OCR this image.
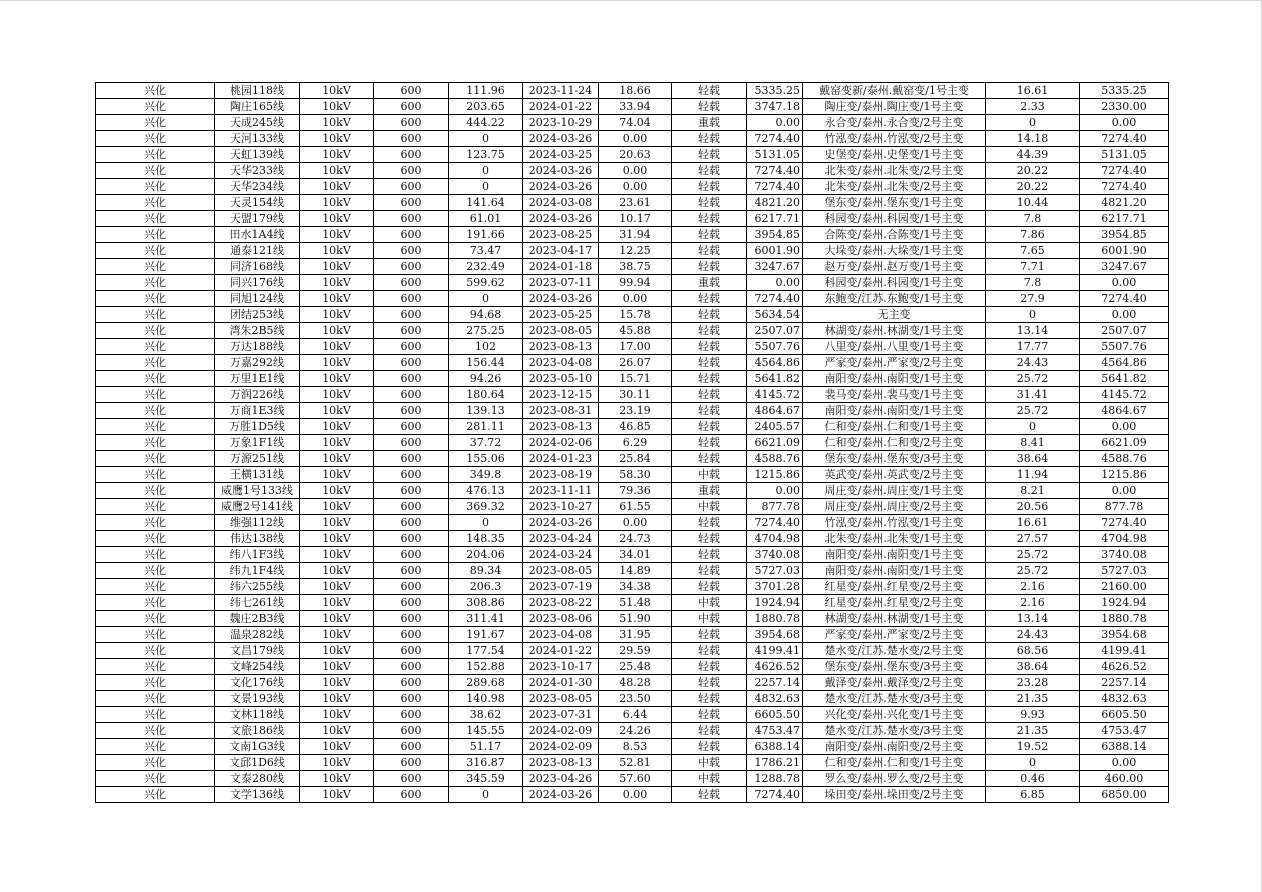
兴化	桃园118线	10kV	600	111.96	2023-11-24	18.66	轻载	5335.25	戴窑变新/泰州.戴窑变/1号主变	16.61	5335.25
兴化	陶庄165线	10kV	600	203.65	2024-01-22	33.94	轻载	3747.18	陶庄变/泰州.陶庄变/1号主变	2.33	2330.00
兴化	天成245线	10kV	600	444.22	2023-10-29	74.04	重载	0.00	永合变/泰州.永合变/2号主变	0	0.00
兴化	天河133线	10kV	600	0	2024-03-26	0.00	轻载	7274.40	竹泓变/泰州.竹泓变/2号主变	14.18	7274.40
兴化	天虹139线	10kV	600	123.75	2024-03-25	20.63	轻载	5131.05	史堡变/泰州.史堡变/1号主变	44.39	5131.05
兴化	天华233线	10kV	600	0	2024-03-26	0.00	轻载	7274.40	北朱变/泰州.北朱变/2号主变	20.22	7274.40
兴化	天华234线	10kV	600	0	2024-03-26	0.00	轻载	7274.40	北朱变/泰州.北朱变/2号主变	20.22	7274.40
兴化	天灵154线	10kV	600	141.64	2024-03-08	23.61	轻载	4821.20	堡东变/泰州.堡东变/1号主变	10.44	4821.20
兴化	天盟179线	10kV	600	61.01	2024-03-26	10.17	轻载	6217.71	科园变/泰州.科园变/1号主变	7.8	6217.71
兴化	田水1A4线	10kV	600	191.66	2023-08-25	31.94	轻载	3954.85	合陈变/泰州.合陈变/1号主变	7.86	3954.85
兴化	通泰121线	10kV	600	73.47	2023-04-17	12.25	轻载	6001.90	大垛变/泰州.大垛变/1号主变	7.65	6001.90
兴化	同济168线	10kV	600	232.49	2024-01-18	38.75	轻载	3247.67	赵万变/泰州.赵万变/1号主变	7.71	3247.67
兴化	同兴176线	10kV	600	599.62	2023-07-11	99.94	重载	0.00	科园变/泰州.科园变/1号主变	7.8	0.00
兴化	同旭124线	10kV	600	0	2024-03-26	0.00	轻载	7274.40	东鲍变/江苏.东鲍变/1号主变	27.9	7274.40
兴化	团结253线	10kV	600	94.68	2023-05-25	15.78	轻载	5634.54	无主变	0	0.00
兴化	湾朱2B5线	10kV	600	275.25	2023-08-05	45.88	轻载	2507.07	林湖变/泰州.林湖变/1号主变	13.14	2507.07
兴化	万达188线	10kV	600	102	2023-08-13	17.00	轻载	5507.76	八里变/泰州.八里变/1号主变	17.77	5507.76
兴化	万嘉292线	10kV	600	156.44	2023-04-08	26.07	轻载	4564.86	严家变/泰州.严家变/2号主变	24.43	4564.86
兴化	万里1E1线	10kV	600	94.26	2023-05-10	15.71	轻载	5641.82	南阳变/泰州.南阳变/1号主变	25.72	5641.82
兴化	万润226线	10kV	600	180.64	2023-12-15	30.11	轻载	4145.72	裴马变/泰州.裴马变/1号主变	31.41	4145.72
兴化	万商1E3线	10kV	600	139.13	2023-08-31	23.19	轻载	4864.67	南阳变/泰州.南阳变/1号主变	25.72	4864.67
兴化	万胜1D5线	10kV	600	281.11	2023-08-13	46.85	轻载	2405.57	仁和变/泰州.仁和变/1号主变	0	0.00
兴化	万象1F1线	10kV	600	37.72	2024-02-06	6.29	轻载	6621.09	仁和变/泰州.仁和变/2号主变	8.41	6621.09
兴化	万源251线	10kV	600	155.06	2024-01-23	25.84	轻载	4588.76	堡东变/泰州.堡东变/3号主变	38.64	4588.76
兴化	王横131线	10kV	600	349.8	2023-08-19	58.30	中载	1215.86	英武变/泰州.英武变/2号主变	11.94	1215.86
兴化	威鹰1号133线	10kV	600	476.13	2023-11-11	79.36	重载	0.00	周庄变/泰州.周庄变/1号主变	8.21	0.00
兴化	威鹰2号141线	10kV	600	369.32	2023-10-27	61.55	中载	877.78	周庄变/泰州.周庄变/2号主变	20.56	877.78
兴化	维强112线	10kV	600	0	2024-03-26	0.00	轻载	7274.40	竹泓变/泰州.竹泓变/1号主变	16.61	7274.40
兴化	伟达138线	10kV	600	148.35	2023-04-24	24.73	轻载	4704.98	北朱变/泰州.北朱变/1号主变	27.57	4704.98
兴化	纬八1F3线	10kV	600	204.06	2024-03-24	34.01	轻载	3740.08	南阳变/泰州.南阳变/1号主变	25.72	3740.08
兴化	纬九1F4线	10kV	600	89.34	2023-08-05	14.89	轻载	5727.03	南阳变/泰州.南阳变/1号主变	25.72	5727.03
兴化	纬六255线	10kV	600	206.3	2023-07-19	34.38	轻载	3701.28	红星变/泰州.红星变/2号主变	2.16	2160.00
兴化	纬七261线	10kV	600	308.86	2023-08-22	51.48	中载	1924.94	红星变/泰州.红星变/2号主变	2.16	1924.94
兴化	魏庄2B3线	10kV	600	311.41	2023-08-06	51.90	中载	1880.78	林湖变/泰州.林湖变/1号主变	13.14	1880.78
兴化	温泉282线	10kV	600	191.67	2023-04-08	31.95	轻载	3954.68	严家变/泰州.严家变/2号主变	24.43	3954.68
兴化	文昌179线	10kV	600	177.54	2024-01-22	29.59	轻载	4199.41	楚水变/江苏.楚水变/2号主变	68.56	4199.41
兴化	文峰254线	10kV	600	152.88	2023-10-17	25.48	轻载	4626.52	堡东变/泰州.堡东变/3号主变	38.64	4626.52
兴化	文化176线	10kV	600	289.68	2024-01-30	48.28	轻载	2257.14	戴泽变/泰州.戴泽变/2号主变	23.28	2257.14
兴化	文景193线	10kV	600	140.98	2023-08-05	23.50	轻载	4832.63	楚水变/江苏.楚水变/3号主变	21.35	4832.63
兴化	文林118线	10kV	600	38.62	2023-07-31	6.44	轻载	6605.50	兴化变/泰州.兴化变/1号主变	9.93	6605.50
兴化	文旅186线	10kV	600	145.55	2024-02-09	24.26	轻载	4753.47	楚水变/江苏.楚水变/3号主变	21.35	4753.47
兴化	文南1G3线	10kV	600	51.17	2024-02-09	8.53	轻载	6388.14	南阳变/泰州.南阳变/2号主变	19.52	6388.14
兴化	文邱1D6线	10kV	600	316.87	2023-08-13	52.81	中载	1786.21	仁和变/泰州.仁和变/1号主变	0	0.00
兴化	文泰280线	10kV	600	345.59	2023-04-26	57.60	中载	1288.78	罗么变/泰州.罗么变/2号主变	0.46	460.00
兴化	文学136线	10kV	600	0	2024-03-26	0.00	轻载	7274.40	垛田变/泰州.垛田变/2号主变	6.85	6850.00
